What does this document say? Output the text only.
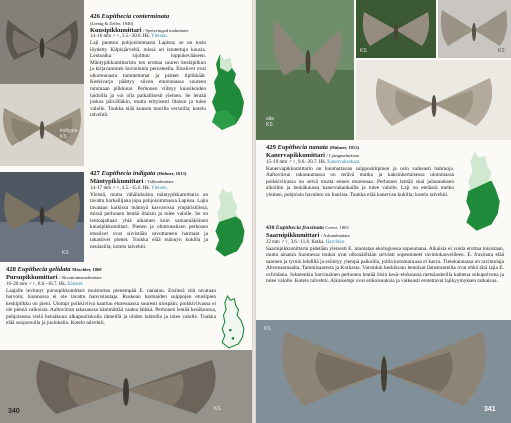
indigata
KS
KS
426 Eupithecia conterminata
(Lienig & Zeller, 1846)
Kuusipikkumittari / Spetsvingad malmätare
14–16 mm ♂♀, 3.5.–30.6. Hk. Yleinen.
Laji puuttuu pohjoisimmasta Lapista; se on tosin löydetty Kilpisjärveltä, missä on istutettuja kuusia. Lentoaika sijoittuu loppukevääseen. Mäntypikkumittaristo ten erottaa suuren keskipilkun ja kirjavammen kuvioinnin perusteella. Etusiivet ovat ulkoreunasta tummemmat ja pisteet tiplikkäät. Keskivarjo päättyy siiven etureunassa suureen tummaan pilkkuun. Perhonen viihtyy kuusikoiden laidoilla ja voi olla paikallisesti yleinen. Se lentää joskus päivälläkin, mutta erityisesti iltaisin ja tulee valolle. Toukka elää kuusen morilla versoilla; kotelo talvehtii.
427 Eupithecia indigata (Hübner, 1813)
Mäntypikkumittari / Tallmalmätare
14–17 mm ♂♀, 4.5.–15.6. Hk. Yleinen.
Yleistä, mutta vähälukuista mäntypikkumittaria on tavattu harhailijana jopa pohjoisimmassa Lapissa. Lajia tavataan kaikissa männyä kasvavissa ympäristöissä, missä perhonen lentää iltaisin ja tulee valolle. Se on lentoajaltaan yhtä aikainen kuin samannäköinen kuusipikkumittari. Pienen ja ohutrunsiisen perhosen etusiivet ovat siivistään savuttuneen harmaat ja takasiivet pienet. Toukka elää männyn kukilla ja neulasilla; kotelo talvehtii.
428 Eupithecia gelidata Möschler, 1860
Pursupikkumittari / Skvattramsmalmätare
16–20 mm ♂♀, 8.6.–16.7. Hk. Rämeet.
Laajalle levinnyt pursupikkumittari muistuttaa pienempää E. nanatan. Etsilesä sitä tavataan harvoin; luonnossa ei ole tavattu hanvisiantaja. Ruskean harmaiden suippojen etusiipien keskipilkku on pieni. Ulompi poikkiviiva kaartuu etureunassa suuresti ulospäin; poikkiviivassa ei ole pieniä valkoisia. Aaltoviiran takasaussa hämmöttää vaalea läikkä. Perhonen lentää kesäkuussa, pohjoisessa vielä heinäkuun alkupuoliskolla rämeillä ja niiden laidoilla ja tulee valolle. Toukka elää suopursulla ja juolukalla. Kotelo talvehtii.
KS
340
alta
KS
KS	KS
429 Eupithecia nanata (Hübner, 1813)
Kanervapikkumittari / Ljungmalmätare
15–19 mm ♂♀, 9.6.–20.7. Hk. Kanervakankaat.
Kanervapikkumittarin on huomattavan suippositiipinen ja osin vaikeasti hahmoja. Aaltoviirun takasaumassa on terävä mutka ja kaksinkertaisessa ulommassa poikkiviirassa on selvä musta ennen etureunaa. Perhonen lentää sinä juhannuksen aikoihin ja heinäkuussa kanervakankailla ja tulee valolle. Laji on etelässä melko yleinen, pohjoisin havainto on Inarista. Toukka elää kanervan kukilla; kotelo talvehtii.
430 Eupithecia fraxinata Crewe, 1863
Saarnipikkumittari / Askmalmätare
22 mm ♂♀, 3.6.–11.8. Kotka. Harvikko.
Saarnipikkumittarin pidetään yleisesti E. innotatan ekologisena sopeumana. Aikaisia ei voida erottaa toisistaan, mutta ainakin Suomessa toukat ovat ulkonäöltään selvästi sopeutuneet ravintokasveilleen. E. fraxinata elää saarnen ja tyrnin lehdillä ja esiintyy ylempä paikoilla, joilla kotomaruuaa ei kasva. Tietokannassa on ravintolaja Ahvenanmaalta, Tammisaaresta ja Kotkasta. Varsinkin keskikuun lentoisat lämsiranteilta ovat ehkä tätä lajia E. ochridana. Jokseenkin harvinainen perhonen lentää öisin kesä–elokuussa metsäaukeilla kahtena sukupolvena ja tulee valolle. Kotelo talvehtii. Aikaisempi ovat erikoisuuksia ja vaikeasti erotettavat lajikyymyksen ratkaisua.
KS
341
